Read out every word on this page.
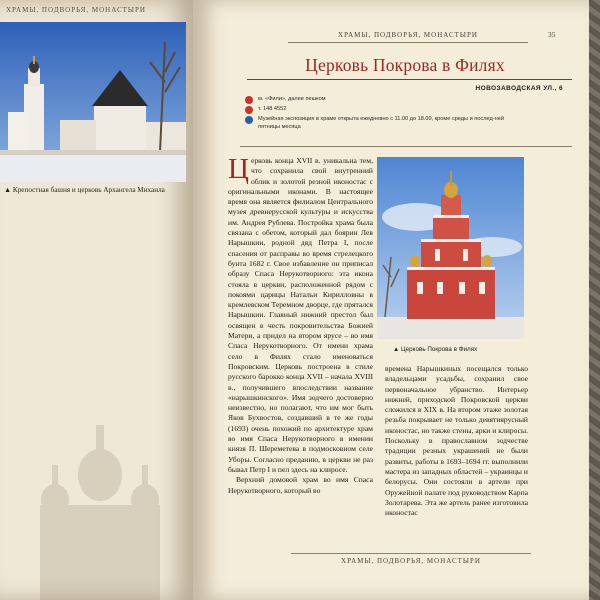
ХРАМЫ, ПОДВОРЬЯ, МОНАСТЫРИ
▲ Крепостная башня и церковь Архангела Михаила
ХРАМЫ, ПОДВОРЬЯ, МОНАСТЫРИ	35
Церковь Покрова в Филях
НОВОЗАВОДСКАЯ УЛ., 6
м. «Фили», далее пешком
т. 148 4552
Музейная экспозиция в храме открыта ежедневно с 11.00 до 18.00, кроме среды и послед-ней пятницы месяца

Церковь конца XVII в. уникальна тем, что сохранила свой внутренний облик и золотой резной иконостас с оригинальными иконами. В настоящее время она является филиалом Центрального музея древнерусской культуры и искусства им. Андрея Рублева. Постройка храма была связана с обетом, который дал боярин Лев Нарышкин, родной дяд Петра I, после спасения от расправы во время стрелецкого бунта 1682 г. Свое избавление он приписал образу Спаса Нерукотворного: эта икона стояла в церкви, расположенной рядом с покоями царицы Натальи Кирилловны в кремлевском Теремном дворце, где прятался Нарышкин. Главный нижний престол был освящен в честь покровительства Божией Матери, а придел на втором ярусе – во имя Спаса Нерукотворного. От имени храма село в Филях стало именоваться Покровским. Церковь построена в стиле русского барокко конца XVII – начала XVIII в., получившего впоследствии название «нарышкинского». Имя зодчего достоверно неизвестно, но полагают, что им мог быть Яков Бухвостов, создавший в те же годы (1693) очень похожий по архитектуре храм во имя Спаса Нерукотворного в имении князя П. Шереметева в подмосковном селе Уборы. Согласно преданию, в церкви не раз бывал Петр I и пел здесь на клиросе.

Верхний домовой храм во имя Спаса Нерукотворного, который во

▲ Церковь Покрова в Филях
времена Нарышкиных посещался только владельцами усадьбы, сохранил свое первоначальное убранство. Интерьер нижней, приходской Покровской церкви сложился в XIX в. На втором этаже золотая резьба покрывает не только девятиярусный иконостас, но также стены, арки и клиросы. Поскольку в православном зодчестве традиции резных украшений не были развиты, работы в 1693–1694 гг. выполнили мастера из западных областей – украинцы и белорусы. Они состояли в артели при Оружейной палате под руководством Карпа Золотарева. Эта же артель ранее изготовила иконостас
ХРАМЫ, ПОДВОРЬЯ, МОНАСТЫРИ
